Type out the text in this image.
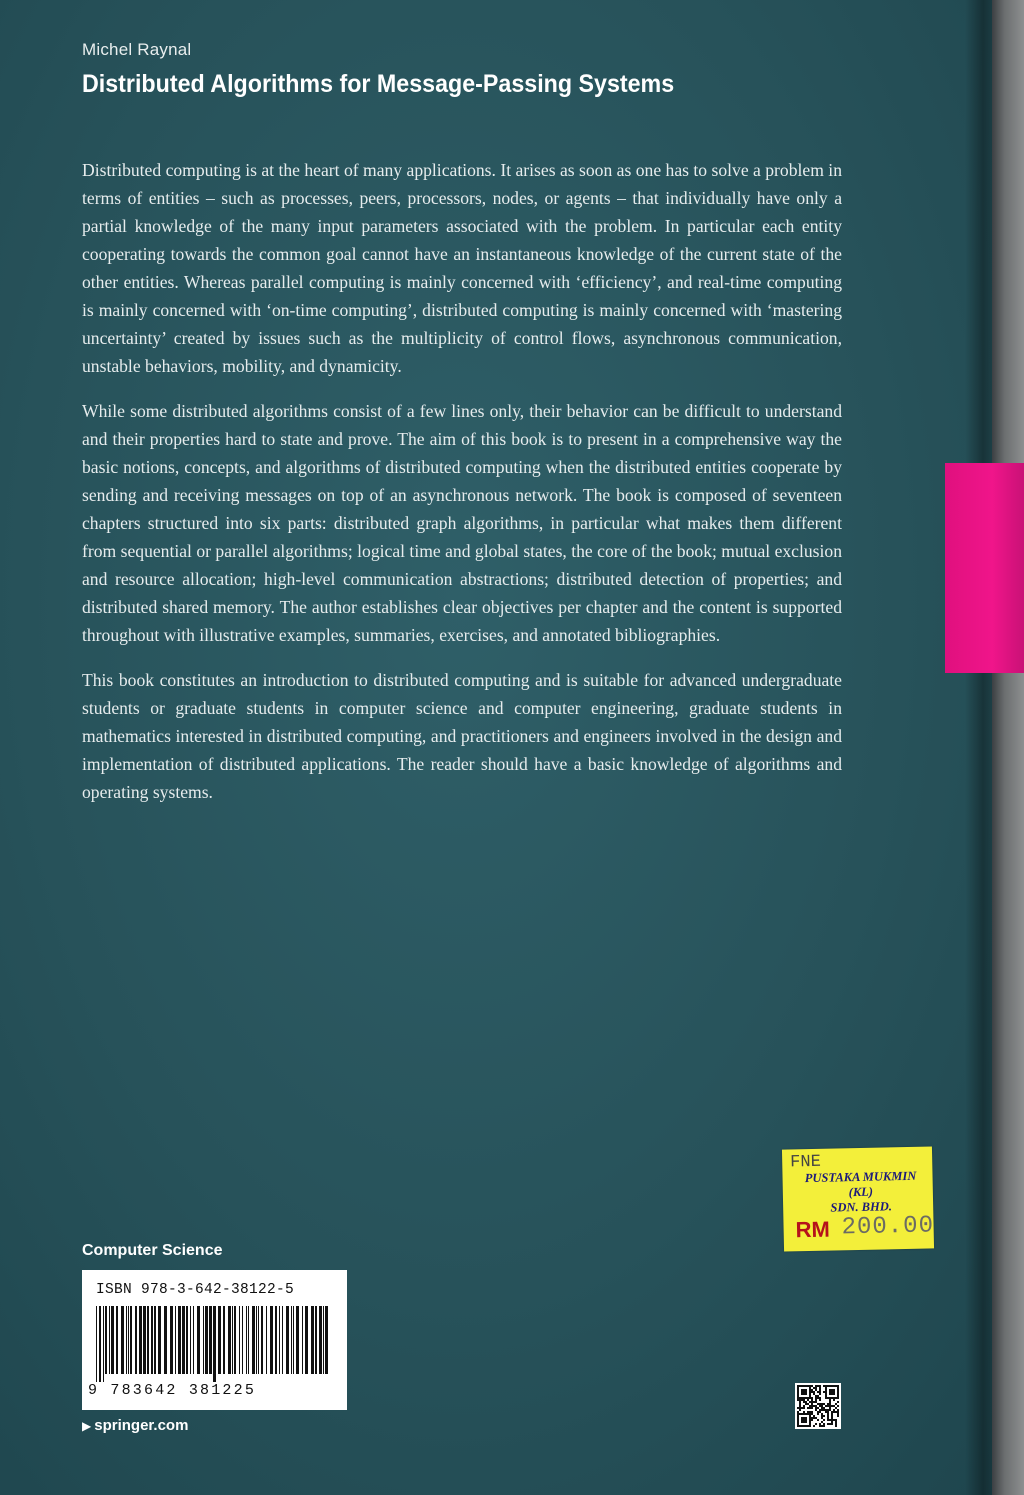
Michel Raynal
Distributed Algorithms for Message-Passing Systems

Distributed computing is at the heart of many applications. It arises as soon as one has to solve a problem in terms of entities – such as processes, peers, processors, nodes, or agents – that individually have only a partial knowledge of the many input parameters associated with the problem. In particular each entity cooperating towards the common goal cannot have an instantaneous knowledge of the current state of the other entities. Whereas parallel computing is mainly concerned with ‘efficiency’, and real-time computing is mainly concerned with ‘on-time computing’, distributed computing is mainly concerned with ‘mastering uncertainty’ created by issues such as the multiplicity of control flows, asynchronous communication, unstable behaviors, mobility, and dynamicity.

While some distributed algorithms consist of a few lines only, their behavior can be difficult to understand and their properties hard to state and prove. The aim of this book is to present in a comprehensive way the basic notions, concepts, and algorithms of distributed computing when the distributed entities cooperate by sending and receiving messages on top of an asynchronous network. The book is composed of seventeen chapters structured into six parts: distributed graph algorithms, in particular what makes them different from sequential or parallel algorithms; logical time and global states, the core of the book; mutual exclusion and resource allocation; high-level communication abstractions; distributed detection of properties; and distributed shared memory. The author establishes clear objectives per chapter and the content is supported throughout with illustrative examples, summaries, exercises, and annotated bibliographies.

This book constitutes an introduction to distributed computing and is suitable for advanced undergraduate students or graduate students in computer science and computer engineering, graduate students in mathematics interested in distributed computing, and practitioners and engineers involved in the design and implementation of distributed applications. The reader should have a basic knowledge of algorithms and operating systems.

Computer Science
ISBN 978-3-642-38122-5
9 783642 381225
▶ springer.com
FNE
PUSTAKA MUKMIN (KL)
SDN. BHD.
RM 200.00
